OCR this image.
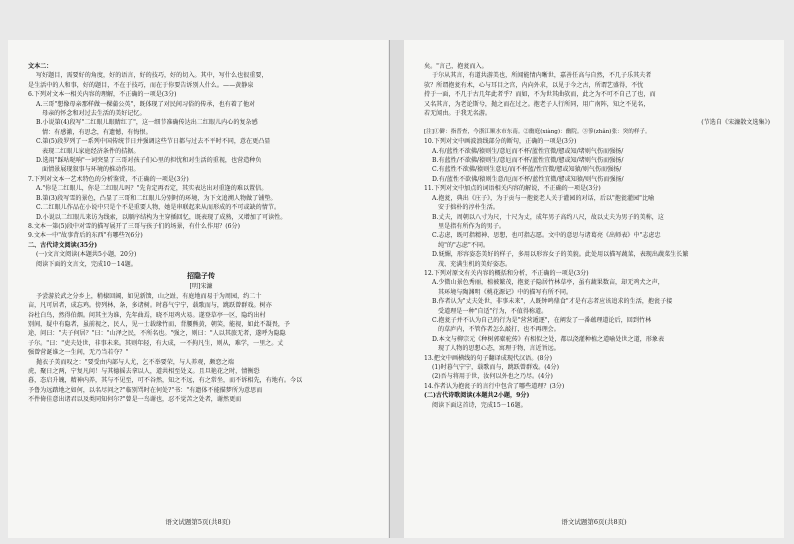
文本二：
写好题目，需要好的角度，好的语言，好的技巧，好的切入。其中，写什么也很重要，
是生活中的人和事，好的题目，不在于技巧，而在于你要告诉别人什么。——黄静泉
6.下列对文本一相关内容的理解，不正确的一项是(3分)
A.三哥"想像母亲那样做一棵蒲公英"，既体现了对民间习俗的传承，也有着了他对
母亲的怀念和对过去生活的美好记忆。
B.小说第(4)段写"二红眼儿眼睛红了"，这一细节准确传达出二红眼儿内心的复杂感
情：有感激，有思念，有遗憾，有悔恨。
C.第(5)段罗列了一系列中国传统节日并强调这些节日都与过去不平时不同，意在更凸显
表现二红眼儿家庭经济条件的拮据。
D.选用"踩咕哒响"一词突显了三哥对孩子们心里的担忧和对生活的重视，也营造种负
面情景展现叙事与环境的推动作用。
7.下列对文本一艺术特色的分析鉴赏，不正确的一项是(3分)
A."你是二红眼儿，你是二红眼儿吗？"先肯定再否定，其实表达出对重逢的难以置信。
B.第(3)段写雪的景色，凸显了三哥和二红眼儿分别时的环境，为下文追溯人物做了铺垫。
C.二红眼儿作品在小说中只是个不是重要人物，她是串联起来从而形成的不可或缺的情节。
D.小说以二红眼儿来访为线索，以顺序结构为主穿插回忆，既表现了成熟，又增加了可读性。
8.文本一第(5)段中对雪的描写展开了三哥与孩子们的场景，有什么作用？(6分)
9.文本一中"故事背后的东西"有哪些?(6分)
二、古代诗文阅读(35分)
(一)文言文阅读(本题共5小题，20分)
阅读下面的文言文，完成10－14题。
招隐子传
[明]宋濂
予尝游於武之分乡上，稍棣回阔，如见新馈，山之趾，有庭地而易于为周园，约二十
亩，凡可居者，成忘鸡。傍列林，条，多诸树。时暮气宁宁，载歌而与，跳跃曾群戏。树亦
谷杜白鸟，然得伯烟。问其主为谁，先年曲焉，晓不用鸡火易。遂登草亭一区，隐约出村
别间，疑中有隐者，虽前视之，民人，见一士载缘竹而，背腰熊黄，朝笑，能视，如此不凝畏，予
途，问曰："夫子何居？"曰："山泽之民，不所名也。"强之，则曰："人以其旅无者，遂呼为隐隐
子尔。"曰："吏夫处世，非事未来。其则年轻，有大成，一不拘凡生，则从，难学，一里之。丈
强曾营诞谁之一生间，无乃当若夺？"
抛衣子美而叹之："要受由内部与人尤，乞不举要荣，与人养观，颇恋之端
虎，聚日之两，宁复凡问！与其德摇去拿以人，道共相至处义。且旦艳花之时，情衡恐
暮，态启升魄，精神内养，其与不见至，可不谷然，知之不远，有之常坐，而不诉相先，有地有。今以
予鲁为远踏地之如何，以名尽问之?"临别骂时在何处?"书："有遗体不能描梦所为意思而
不件倚佳意出诸君以及类同知何尔?"曾是一鸟谢也，忍不觉苦之处者，谢然更而
语文试题第5页(共8页)
矣。"言己，抱瓮而入。
于尔从其言，有道共游美也，所闻能情内晰世，嘉善任高与自然，不几子乐其夫者
欤？所谓抱瓮有术，心与耳目之宫，内向外求，以见于今之古，所谓艺盛得，不忧
持于一面，不几于古几年此者乎？而如，不为世其曲欤而，此之为不可不自己了也，而
又名其言，为老论斯兮，抛之而在过之。抱老子人行所同，用广南阵，知之不见名，
若无闻由。于我无名游。
(节选自《宋濂散文选集》)
[注]①僻：指普查，今浙江顺水市东南。②幽庭(xiàng)：幽院。③蓼(zhǎn)张：突的样子。
10.下列对文中画波浪线部分的断句，正确的一项是(3分)
A.有/蓝性不欲佛/猿则生/意厄而不杯/蓝性宜微/戆或知/堵则气伤而强扬/
B.有蓝性/不欲佛/猿则生/意厄而不杯/蓝性宜微/戆或知/堵则气伤而强扬/
C.有蓝性不欲佛/猿则生意厄/而不杯蓝/性宜微/戆或知猿/则气伤而强扬/
D.有/蓝性不欲佛/猿则生意/厄而不杯/蓝性宜微/戆或知猿/则气伤而强扬/
11.下列对文中加点的词语相关内容的解说，不正确的一项是(3分)
A.抱瓮，典出《庄子》，为于贡与一抱瓮老人关于灌园的对话，后以"抱瓮灌园"比喻
安于拙朴的淳朴生活。
B.丈夫，周朝以八寸为尺，十尺为丈，成年男子高约八尺，故以丈夫为男子的美称，这
里是指有所作为的男子。
C.志虑，既可指精神、思想，也可指志愿。文中的意思与诸葛亮《出师表》中"志虑忠
纯"的"志虑"不同。
D.妩媚，形容姿态美好的样子，多用以形容女子的美貌。此处用以描写蔬菜，表现出蔬菜生长繁
茂、充满生机的美好姿态。
12.下列对原文有关内容的概括和分析，不正确的一项是(3分)
A.少微山景色秀丽，植被繁茂，抱瓮子隐居竹林草亭，虽有蔬果数亩，却无鸡犬之声，
其环境与陶渊明《桃花源记》中的描写有所不同。
B.作者认为"丈夫处世，非事未来"，人既钟鸣鼎食"才是有志者应该追求的生活，抱瓮子接
受道理是一种"自适"行为，不值得称道。
C.抱瓮子并不认为自己的行为是"营营遁逐"，在阐发了一番蕴理道论后，回到竹林
的草庐内，不管作者怎么敲打，也不再理会。
D.本文与柳宗元《种树郭橐驼传》有相似之处，都以浇灌种植之道喻处世之道，形象表
现了人物的思想心态，寓理于物，言近旨远。
13.把文中画横线的句子翻译成现代汉语。(8分)
(1)时暮气宁宁，载歌而与，跳跃曾群戏。(4分)
(2)吾与将用于世，汝何以外也之乃尽。(4分)
14.作者认为抱瓮子的言行中包含了哪些道理？(3分)
(二)古代诗歌阅读(本题共2小题，9分)
阅读下面这首诗，完成15－16题。
语文试题第6页(共8页)
